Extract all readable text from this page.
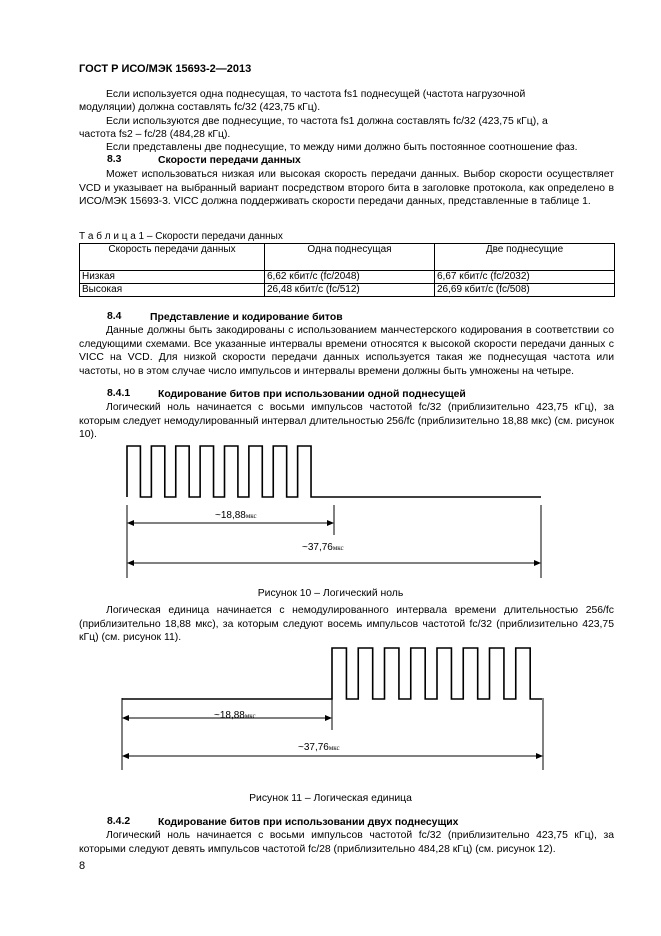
ГОСТ Р ИСО/МЭК 15693-2—2013
Если используется одна поднесущая, то частота fs1 поднесущей (частота нагрузочной
модуляции) должна составлять fc/32 (423,75 кГц).
Если используются две поднесущие, то частота fs1 должна составлять fc/32 (423,75 кГц), а
частота fs2 – fc/28 (484,28 кГц).
Если представлены две поднесущие, то между ними должно быть постоянное соотношение фаз.
8.3	Скорости передачи данных
Может использоваться низкая или высокая скорость передачи данных. Выбор скорости осуществляет VCD и указывает на выбранный вариант посредством второго бита в заголовке протокола, как определено в ИСО/МЭК 15693-3. VICC должна поддерживать скорости передачи данных, представленные в таблице 1.
Т а б л и ц а 1 – Скорости передачи данных
Скорость передачи данных	Одна поднесущая	Две поднесущие
Низкая	6,62 кбит/с (fc/2048)	6,67 кбит/с (fc/2032)
Высокая	26,48 кбит/с (fc/512)	26,69 кбит/с (fc/508)
8.4	Представление и кодирование битов
Данные должны быть закодированы с использованием манчестерского кодирования в соответствии со следующими схемами. Все указанные интервалы времени относятся к высокой скорости передачи данных с VICC на VCD. Для низкой скорости передачи данных используется такая же поднесущая частота или частоты, но в этом случае число импульсов и интервалы времени должны быть умножены на четыре.
8.4.1	Кодирование битов при использовании одной поднесущей
Логический ноль начинается с восьми импульсов частотой fc/32 (приблизительно 423,75 кГц), за которым следует немодулированный интервал длительностью 256/fc (приблизительно 18,88 мкс) (см. рисунок 10).
~18,88мкс
~37,76мкс
Рисунок 10 – Логический ноль
Логическая единица начинается с немодулированного интервала времени длительностью 256/fc (приблизительно 18,88 мкс), за которым следуют восемь импульсов частотой fc/32 (приблизительно 423,75 кГц) (см. рисунок 11).
~18,88мкс
~37,76мкс
Рисунок 11 – Логическая единица
8.4.2	Кодирование битов при использовании двух поднесущих
Логический ноль начинается с восьми импульсов частотой fc/32 (приблизительно 423,75 кГц), за которыми следуют девять импульсов частотой fc/28 (приблизительно 484,28 кГц) (см. рисунок 12).
8
